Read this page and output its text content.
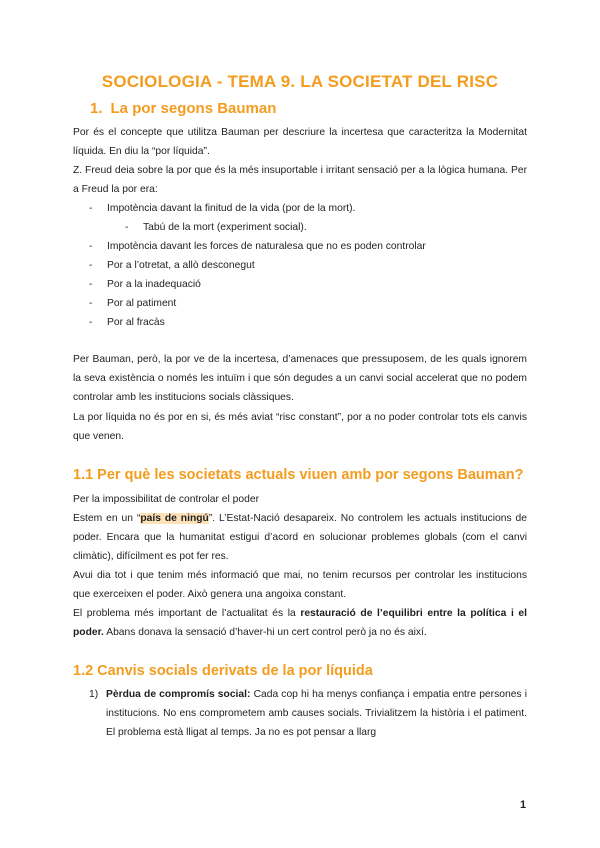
SOCIOLOGIA - TEMA 9. LA SOCIETAT DEL RISC
1. La por segons Bauman
Por és el concepte que utilitza Bauman per descriure la incertesa que caracteritza la Modernitat líquida. En diu la “por líquida”.
Z. Freud deia sobre la por que és la més insuportable i irritant sensació per a la lògica humana. Per a Freud la por era:
- Impotència davant la finitud de la vida (por de la mort).
- Tabú de la mort (experiment social).
- Impotència davant les forces de naturalesa que no es poden controlar
- Por a l’otretat, a allò desconegut
- Por a la inadequació
- Por al patiment
- Por al fracàs
Per Bauman, però, la por ve de la incertesa, d’amenaces que pressuposem, de les quals ignorem la seva existència o només les intuïm i que són degudes a un canvi social accelerat que no podem controlar amb les institucions socials clàssiques.
La por líquida no és por en si, és més aviat “risc constant”, por a no poder controlar tots els canvis que venen.
1.1 Per què les societats actuals viuen amb por segons Bauman?
Per la impossibilitat de controlar el poder
Estem en un “país de ningú”. L’Estat-Nació desapareix. No controlem les actuals institucions de poder. Encara que la humanitat estigui d’acord en solucionar problemes globals (com el canvi climàtic), difícilment es pot fer res.
Avui dia tot i que tenim més informació que mai, no tenim recursos per controlar les institucions que exerceixen el poder. Això genera una angoixa constant.
El problema més important de l’actualitat és la restauració de l’equilibri entre la política i el poder. Abans donava la sensació d’haver-hi un cert control però ja no és així.
1.2 Canvis socials derivats de la por líquida
1) Pèrdua de compromís social: Cada cop hi ha menys confiança i empatia entre persones i institucions. No ens comprometem amb causes socials. Trivialitzem la història i el patiment. El problema està lligat al temps. Ja no es pot pensar a llarg
1
